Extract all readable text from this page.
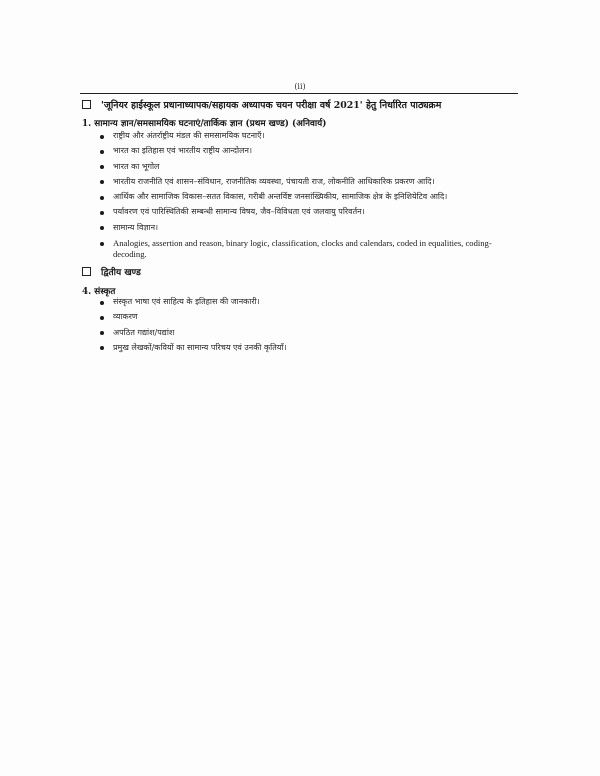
(ii)
'जूनियर हाईस्कूल प्रधानाध्यापक/सहायक अध्यापक चयन परीक्षा वर्ष 2021' हेतु निर्धारित पाठ्यक्रम
1. सामान्य ज्ञान/समसामयिक घटनाएं/तार्किक ज्ञान (प्रथम खण्ड) (अनिवार्य)
राष्ट्रीय और अंतर्राष्ट्रीय मंडल की समसामयिक घटनाएँ।
भारत का इतिहास एवं भारतीय राष्ट्रीय आन्दोलन।
भारत का भूगोल
भारतीय राजनीति एवं शासन–संविधान, राजनीतिक व्यवस्था, पंचायती राज, लोकनीति आधिकारिक प्रकरण आदि।
आर्थिक और सामाजिक विकास–सतत विकास, गरीबी अन्तर्विष्ट जनसांख्यिकीय, सामाजिक क्षेत्र के इनिशियेटिव आदि।
पर्यावरण एवं पारिस्थितिकी सम्बन्धी सामान्य विषय, जैव–विविधता एवं जलवायु परिवर्तन।
सामान्य विज्ञान।
Analogies, assertion and reason, binary logic, classification, clocks and calendars, coded in equalities, coding-decoding.
द्वितीय खण्ड
4. संस्कृत
संस्कृत भाषा एवं साहित्य के इतिहास की जानकारी।
व्याकरण
अपठित गद्यांश/पद्यांश
प्रमुख लेखकों/कवियों का सामान्य परिचय एवं उनकी कृतियाँ।
